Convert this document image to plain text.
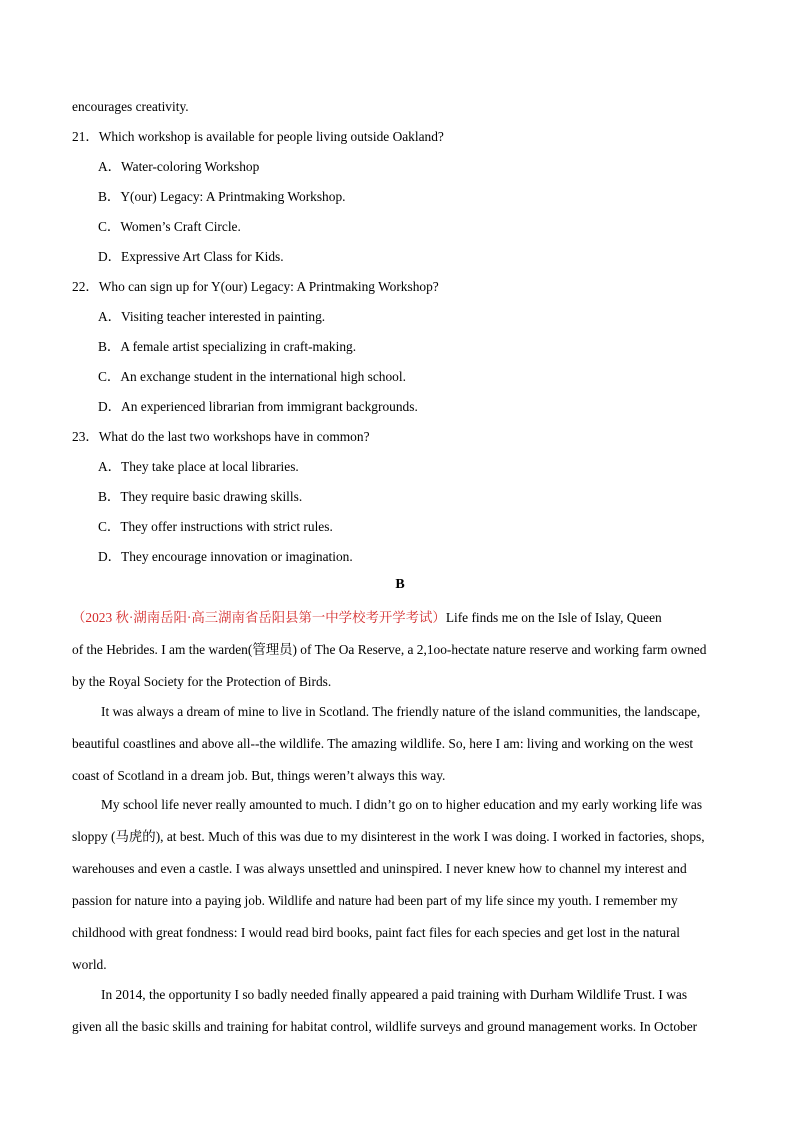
encourages creativity.
21．Which workshop is available for people living outside Oakland?
A．Water-coloring Workshop
B．Y(our) Legacy: A Printmaking Workshop.
C．Women’s Craft Circle.
D．Expressive Art Class for Kids.
22．Who can sign up for Y(our) Legacy: A Printmaking Workshop?
A．Visiting teacher interested in painting.
B．A female artist specializing in craft-making.
C．An exchange student in the international high school.
D．An experienced librarian from immigrant backgrounds.
23．What do the last two workshops have in common?
A．They take place at local libraries.
B．They require basic drawing skills.
C．They offer instructions with strict rules.
D．They encourage innovation or imagination.
B
（2023 秋·湖南岳阳·高三湖南省岳阳县第一中学校考开学考试）Life finds me on the Isle of Islay, Queen
of the Hebrides. I am the warden(管理员) of The Oa Reserve, a 2,1oo-hectate nature reserve and working farm owned
by the Royal Society for the Protection of Birds.
It was always a dream of mine to live in Scotland. The friendly nature of the island communities, the landscape,
beautiful coastlines and above all--the wildlife. The amazing wildlife. So, here I am: living and working on the west
coast of Scotland in a dream job. But, things weren’t always this way.
My school life never really amounted to much. I didn’t go on to higher education and my early working life was
sloppy (马虎的), at best. Much of this was due to my disinterest in the work I was doing. I worked in factories, shops,
warehouses and even a castle. I was always unsettled and uninspired. I never knew how to channel my interest and
passion for nature into a paying job. Wildlife and nature had been part of my life since my youth. I remember my
childhood with great fondness: I would read bird books, paint fact files for each species and get lost in the natural
world.
In 2014, the opportunity I so badly needed finally appeared a paid training with Durham Wildlife Trust. I was
given all the basic skills and training for habitat control, wildlife surveys and ground management works. In October
